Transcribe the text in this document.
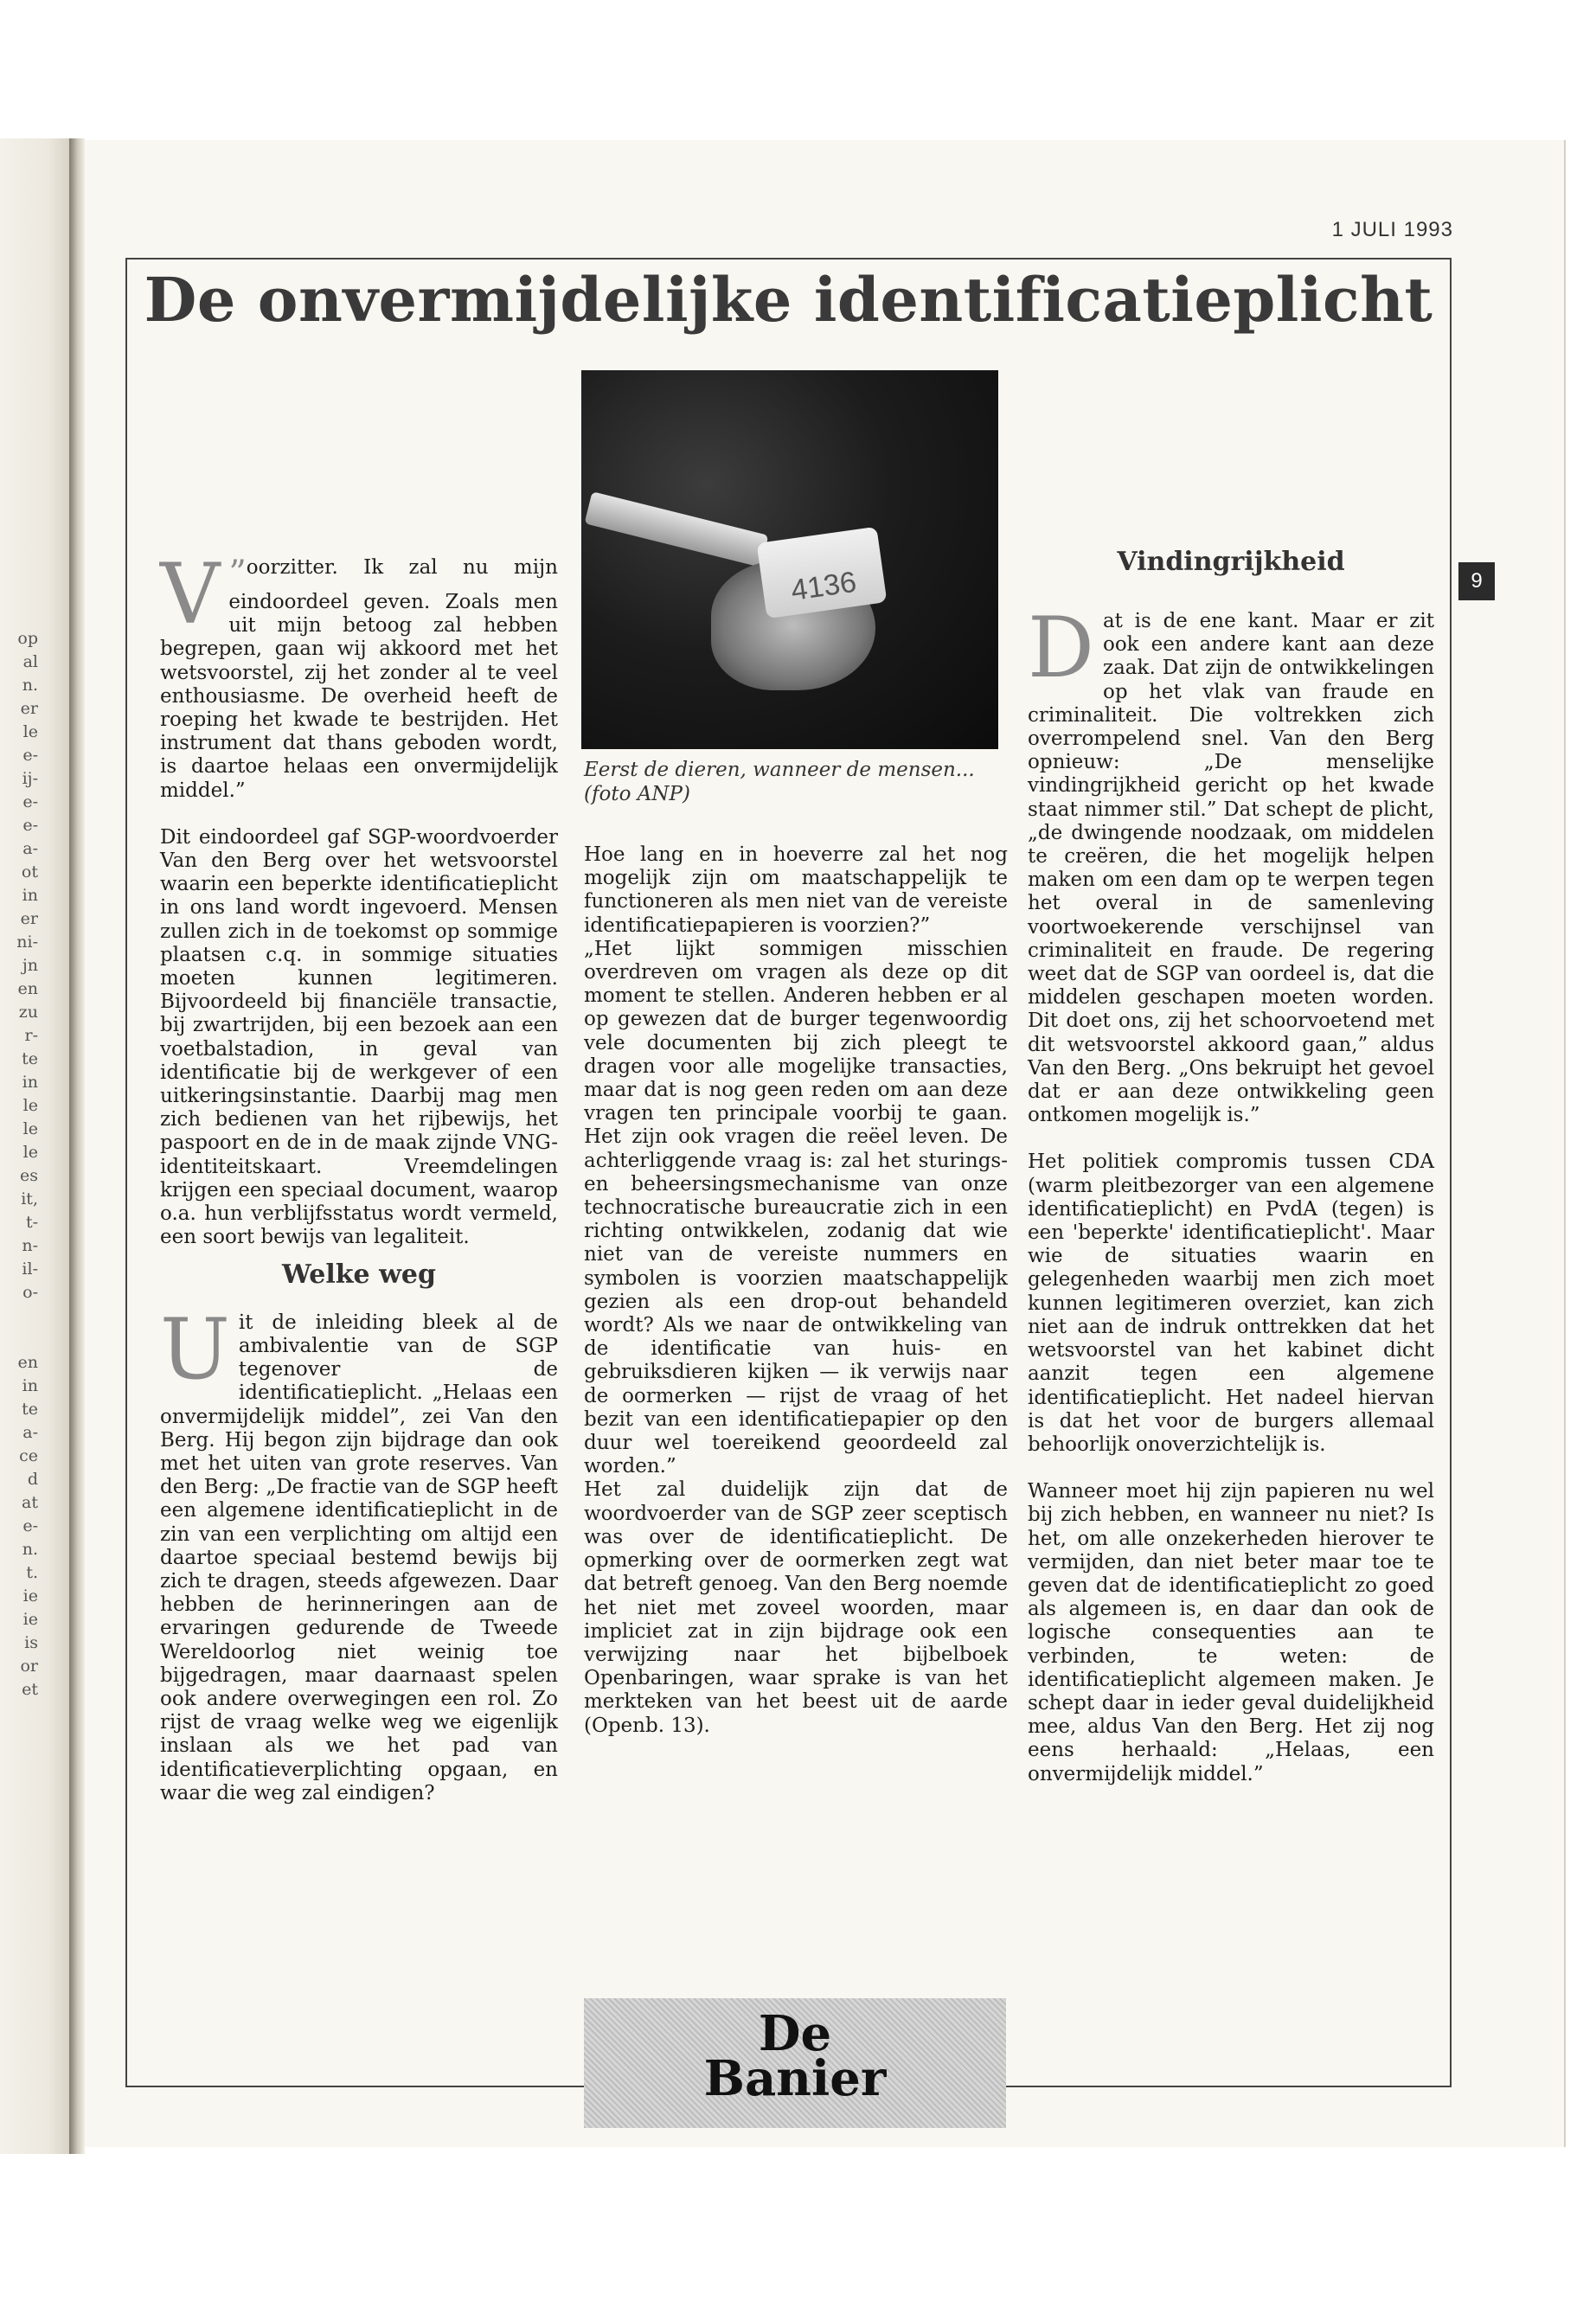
op
al
n.
er
le
e-
ij-
e-
e-
a-
ot
in
er
ni-
jn
en
zu
r-
te
in
le
le
le
es
it,
t-
n-
il-
o-

en
in
te
a-
ce
d
at
e-
n.
t.
ie
ie
is
or
et
1 JULI 1993
De onvermijdelijke identificatieplicht
9
4136
Eerst de dieren, wanneer de mensen... (foto ANP)

”
V	oorzitter. Ik zal nu mijn eindoordeel geven. Zoals men uit mijn betoog zal hebben begrepen, gaan wij akkoord met het wetsvoorstel, zij het zonder al te veel enthousiasme. De overheid heeft de roeping het kwade te bestrijden. Het instrument dat thans geboden wordt, is daartoe helaas een onvermijdelijk middel.”

Dit eindoordeel gaf SGP-woordvoerder Van den Berg over het wetsvoorstel waarin een beperkte identificatieplicht in ons land wordt ingevoerd. Mensen zullen zich in de toekomst op sommige plaatsen c.q. in sommige situaties moeten kunnen legitimeren. Bijvoordeeld bij financiële transactie, bij zwartrijden, bij een bezoek aan een voetbalstadion, in geval van identificatie bij de werkgever of een uitkeringsinstantie. Daarbij mag men zich bedienen van het rijbewijs, het paspoort en de in de maak zijnde VNG-identiteitskaart. Vreemdelingen krijgen een speciaal document, waarop o.a. hun verblijfsstatus wordt vermeld, een soort bewijs van legaliteit.

Welke weg

Uit de inleiding bleek al de ambivalentie van de SGP tegenover de identificatieplicht. „Helaas een onvermijdelijk middel”, zei Van den Berg. Hij begon zijn bijdrage dan ook met het uiten van grote reserves. Van den Berg: „De fractie van de SGP heeft een algemene identificatieplicht in de zin van een verplichting om altijd een daartoe speciaal bestemd bewijs bij zich te dragen, steeds afgewezen. Daar hebben de herinneringen aan de ervaringen gedurende de Tweede Wereldoorlog niet weinig toe bijgedragen, maar daarnaast spelen ook andere overwegingen een rol. Zo rijst de vraag welke weg we eigenlijk inslaan als we het pad van identificatieverplichting opgaan, en waar die weg zal eindigen?

Hoe lang en in hoeverre zal het nog mogelijk zijn om maatschappelijk te functioneren als men niet van de vereiste identificatiepapieren is voorzien?”

„Het lijkt sommigen misschien overdreven om vragen als deze op dit moment te stellen. Anderen hebben er al op gewezen dat de burger tegenwoordig vele documenten bij zich pleegt te dragen voor alle mogelijke transacties, maar dat is nog geen reden om aan deze vragen ten principale voorbij te gaan. Het zijn ook vragen die reëel leven. De achterliggende vraag is: zal het sturings- en beheersingsmechanisme van onze technocratische bureaucratie zich in een richting ontwikkelen, zodanig dat wie niet van de vereiste nummers en symbolen is voorzien maatschappelijk gezien als een drop-out behandeld wordt? Als we naar de ontwikkeling van de identificatie van huis- en gebruiksdieren kijken — ik verwijs naar de oormerken — rijst de vraag of het bezit van een identificatiepapier op den duur wel toereikend geoordeeld zal worden.”

Het zal duidelijk zijn dat de woordvoerder van de SGP zeer sceptisch was over de identificatieplicht. De opmerking over de oormerken zegt wat dat betreft genoeg. Van den Berg noemde het niet met zoveel woorden, maar impliciet zat in zijn bijdrage ook een verwijzing naar het bijbelboek Openbaringen, waar sprake is van het merkteken van het beest uit de aarde (Openb. 13).

Vindingrijkheid

Dat is de ene kant. Maar er zit ook een andere kant aan deze zaak. Dat zijn de ontwikkelingen op het vlak van fraude en criminaliteit. Die voltrekken zich overrompelend snel. Van den Berg opnieuw: „De menselijke vindingrijkheid gericht op het kwade staat nimmer stil.” Dat schept de plicht, „de dwingende noodzaak, om middelen te creëren, die het mogelijk helpen maken om een dam op te werpen tegen het overal in de samenleving voortwoekerende verschijnsel van criminaliteit en fraude. De regering weet dat de SGP van oordeel is, dat die middelen geschapen moeten worden. Dit doet ons, zij het schoorvoetend met dit wetsvoorstel akkoord gaan,” aldus Van den Berg. „Ons bekruipt het gevoel dat er aan deze ontwikkeling geen ontkomen mogelijk is.”

Het politiek compromis tussen CDA (warm pleitbezorger van een algemene identificatieplicht) en PvdA (tegen) is een 'beperkte' identificatieplicht'. Maar wie de situaties waarin en gelegenheden waarbij men zich moet kunnen legitimeren overziet, kan zich niet aan de indruk onttrekken dat het wetsvoorstel van het kabinet dicht aanzit tegen een algemene identificatieplicht. Het nadeel hiervan is dat het voor de burgers allemaal behoorlijk onoverzichtelijk is.

Wanneer moet hij zijn papieren nu wel bij zich hebben, en wanneer nu niet? Is het, om alle onzekerheden hierover te vermijden, dan niet beter maar toe te geven dat de identificatieplicht zo goed als algemeen is, en daar dan ook de logische consequenties aan te verbinden, te weten: de identificatieplicht algemeen maken. Je schept daar in ieder geval duidelijkheid mee, aldus Van den Berg. Het zij nog eens herhaald: „Helaas, een onvermijdelijk middel.”

De
Banier
